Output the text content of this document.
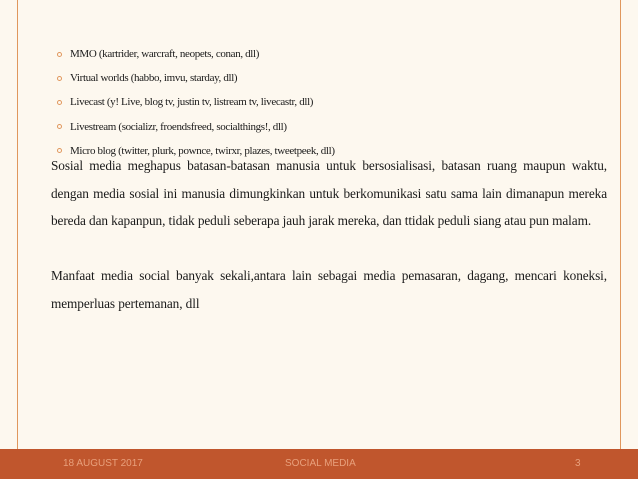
MMO (kartrider, warcraft, neopets, conan, dll)
Virtual worlds (habbo, imvu, starday, dll)
Livecast (y! Live, blog tv, justin tv, listream tv, livecastr, dll)
Livestream (socializr, froendsfreed, socialthings!, dll)
Micro blog (twitter, plurk, pownce, twirxr, plazes, tweetpeek, dll)

Sosial media meghapus batasan-batasan manusia untuk bersosialisasi, batasan ruang maupun waktu, dengan media sosial ini manusia dimungkinkan untuk berkomunikasi satu sama lain dimanapun mereka bereda dan kapanpun, tidak peduli seberapa jauh jarak mereka, dan ttidak peduli siang atau pun malam.

Manfaat media social banyak sekali,antara lain sebagai media pemasaran, dagang, mencari koneksi, memperluas pertemanan, dll

18 AUGUST 2017	SOCIAL MEDIA	3
